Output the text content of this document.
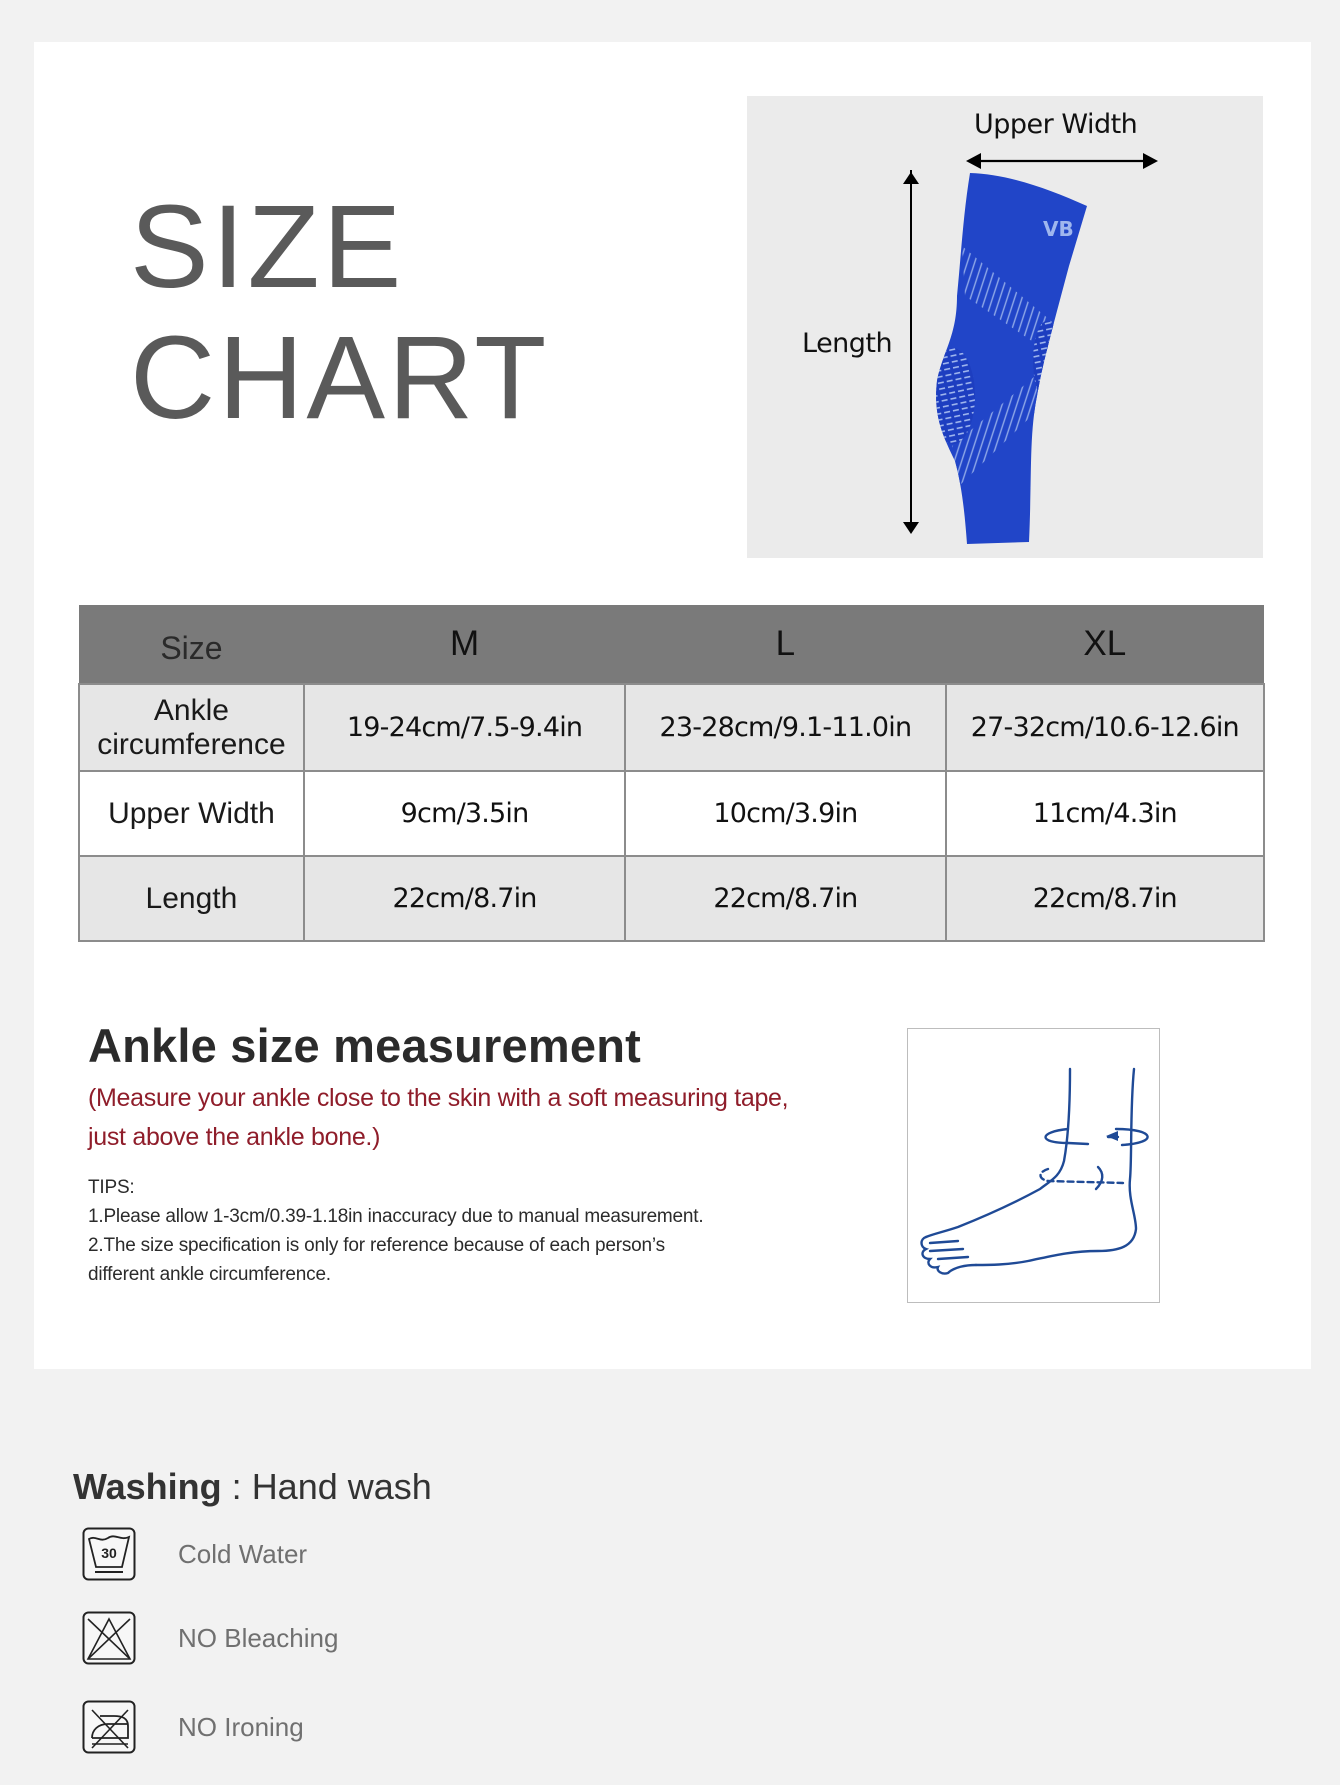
SIZE
CHART
VB
Upper Width
Length
Size	M	L	XL

Ankle
circumference	19-24cm/7.5-9.4in	23-28cm/9.1-11.0in	27-32cm/10.6-12.6in
Upper Width	9cm/3.5in	10cm/3.9in	11cm/4.3in
Length	22cm/8.7in	22cm/8.7in	22cm/8.7in
Ankle size measurement
(Measure your ankle close to the skin with a soft measuring tape,
just above the ankle bone.)
TIPS:
1.Please allow 1-3cm/0.39-1.18in inaccuracy due to manual measurement.
2.The size specification is only for reference because of each person’s
different ankle circumference.
Washing : Hand wash
30 Cold Water
NO Bleaching
NO Ironing
